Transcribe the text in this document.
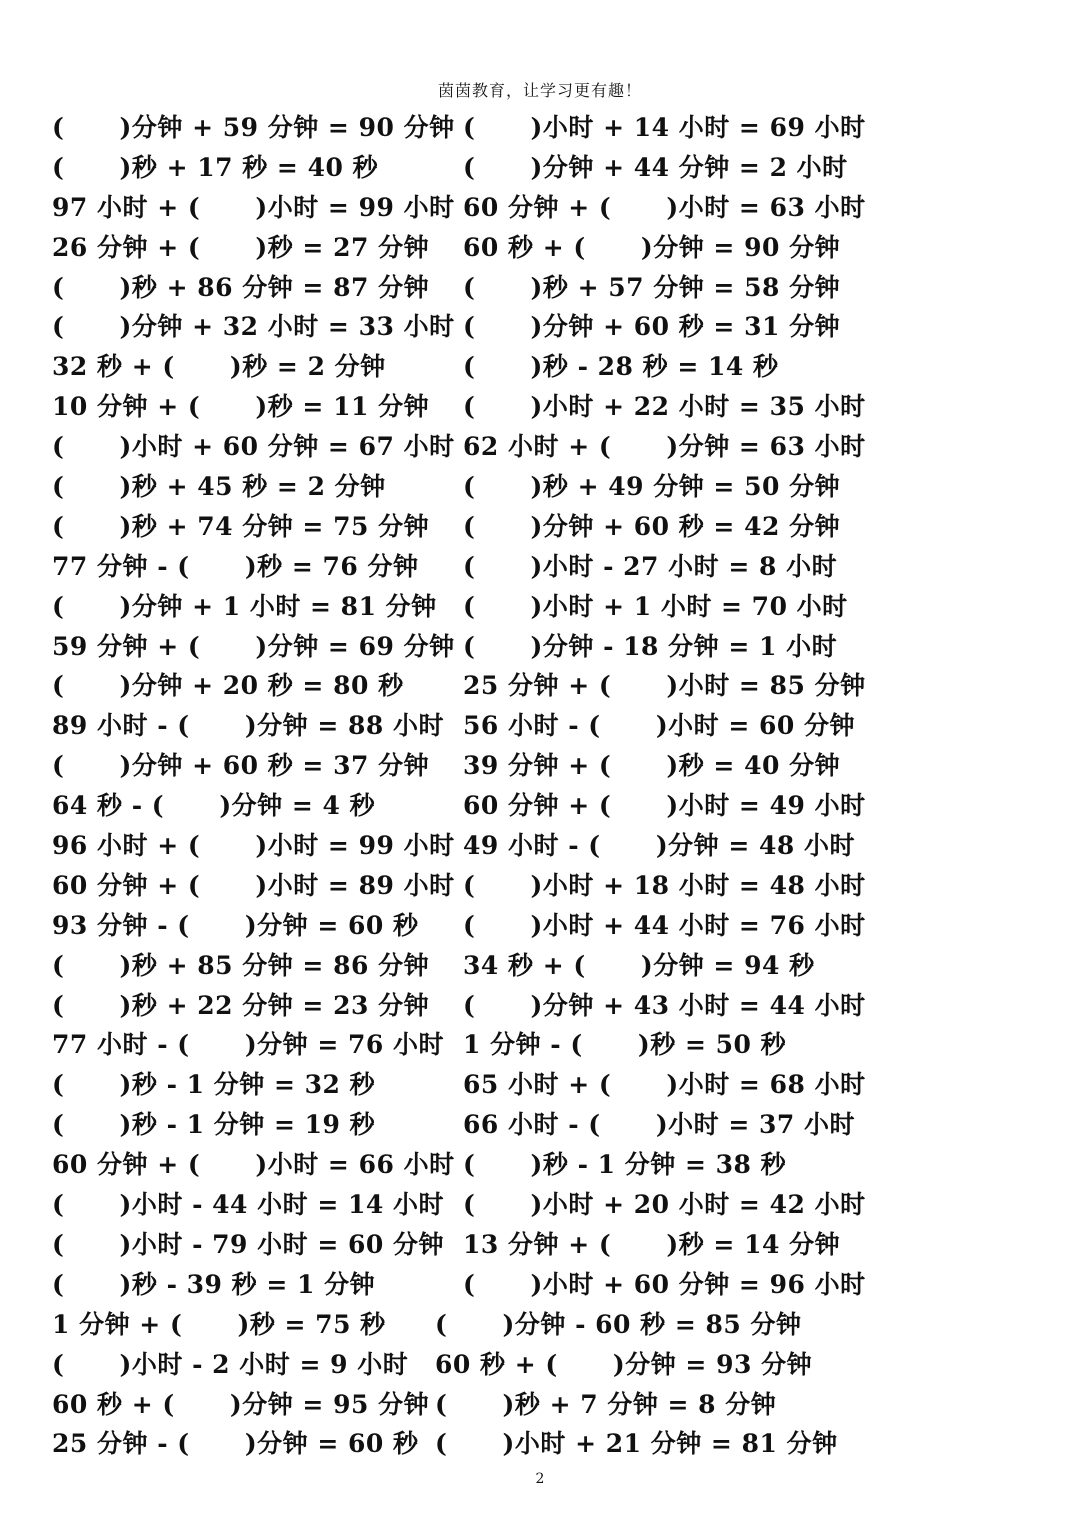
茵茵教育，让学习更有趣！
(      )分钟 + 59 分钟 = 90 分钟
(      )秒 + 17 秒 = 40 秒
97 小时 + (      )小时 = 99 小时
26 分钟 + (      )秒 = 27 分钟
(      )秒 + 86 分钟 = 87 分钟
(      )分钟 + 32 小时 = 33 小时
32 秒 + (      )秒 = 2 分钟
10 分钟 + (      )秒 = 11 分钟
(      )小时 + 60 分钟 = 67 小时
(      )秒 + 45 秒 = 2 分钟
(      )秒 + 74 分钟 = 75 分钟
77 分钟 - (      )秒 = 76 分钟
(      )分钟 + 1 小时 = 81 分钟
59 分钟 + (      )分钟 = 69 分钟
(      )分钟 + 20 秒 = 80 秒
89 小时 - (      )分钟 = 88 小时
(      )分钟 + 60 秒 = 37 分钟
64 秒 - (      )分钟 = 4 秒
96 小时 + (      )小时 = 99 小时
60 分钟 + (      )小时 = 89 小时
93 分钟 - (      )分钟 = 60 秒
(      )秒 + 85 分钟 = 86 分钟
(      )秒 + 22 分钟 = 23 分钟
77 小时 - (      )分钟 = 76 小时
(      )秒 - 1 分钟 = 32 秒
(      )秒 - 1 分钟 = 19 秒
60 分钟 + (      )小时 = 66 小时
(      )小时 - 44 小时 = 14 小时
(      )小时 - 79 小时 = 60 分钟
(      )秒 - 39 秒 = 1 分钟
1 分钟 + (      )秒 = 75 秒
(      )小时 - 2 小时 = 9 小时
60 秒 + (      )分钟 = 95 分钟
25 分钟 - (      )分钟 = 60 秒
(      )小时 + 14 小时 = 69 小时
(      )分钟 + 44 分钟 = 2 小时
60 分钟 + (      )小时 = 63 小时
60 秒 + (      )分钟 = 90 分钟
(      )秒 + 57 分钟 = 58 分钟
(      )分钟 + 60 秒 = 31 分钟
(      )秒 - 28 秒 = 14 秒
(      )小时 + 22 小时 = 35 小时
62 小时 + (      )分钟 = 63 小时
(      )秒 + 49 分钟 = 50 分钟
(      )分钟 + 60 秒 = 42 分钟
(      )小时 - 27 小时 = 8 小时
(      )小时 + 1 小时 = 70 小时
(      )分钟 - 18 分钟 = 1 小时
25 分钟 + (      )小时 = 85 分钟
56 小时 - (      )小时 = 60 分钟
39 分钟 + (      )秒 = 40 分钟
60 分钟 + (      )小时 = 49 小时
49 小时 - (      )分钟 = 48 小时
(      )小时 + 18 小时 = 48 小时
(      )小时 + 44 小时 = 76 小时
34 秒 + (      )分钟 = 94 秒
(      )分钟 + 43 小时 = 44 小时
1 分钟 - (      )秒 = 50 秒
65 小时 + (      )小时 = 68 小时
66 小时 - (      )小时 = 37 小时
(      )秒 - 1 分钟 = 38 秒
(      )小时 + 20 小时 = 42 小时
13 分钟 + (      )秒 = 14 分钟
(      )小时 + 60 分钟 = 96 小时
(      )分钟 - 60 秒 = 85 分钟
60 秒 + (      )分钟 = 93 分钟
(      )秒 + 7 分钟 = 8 分钟
(      )小时 + 21 分钟 = 81 分钟
2
